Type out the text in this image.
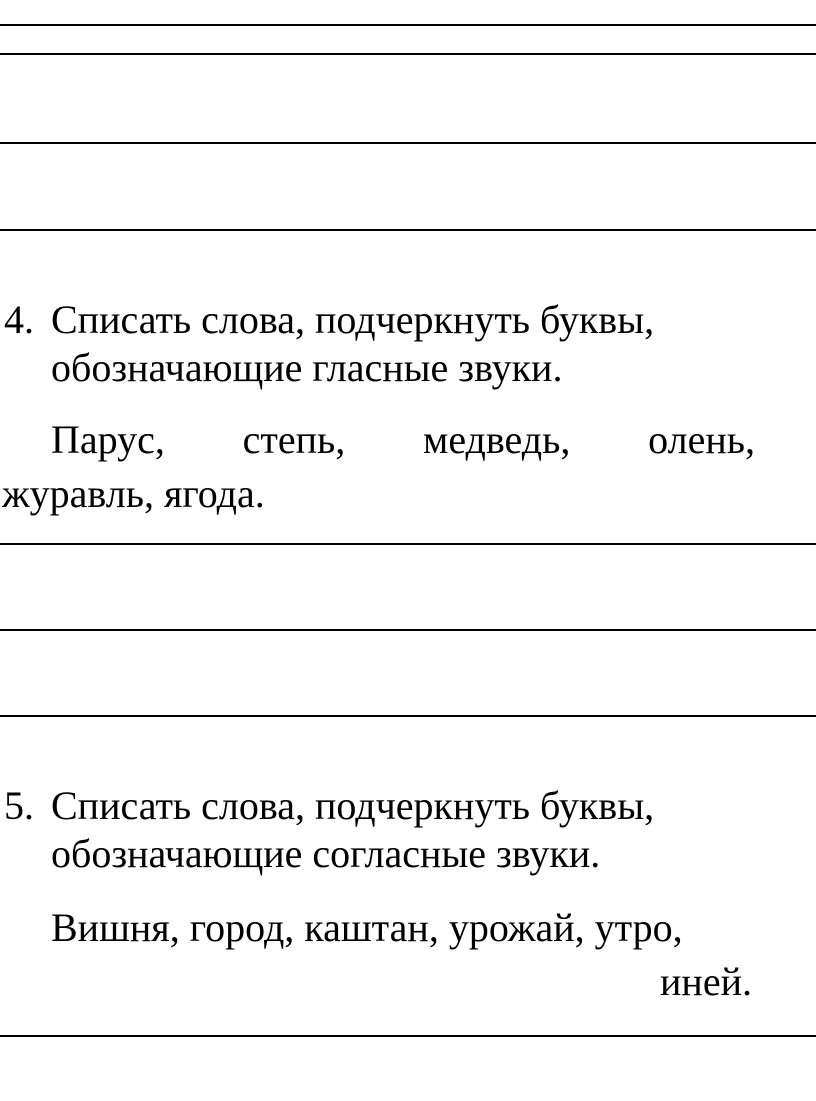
4. Списать слова, подчеркнуть буквы,
обозначающие гласные звуки.
Парус, степь, медведь, олень,
журавль, ягода.
5. Списать слова, подчеркнуть буквы,
обозначающие согласные звуки.
Вишня, город, каштан, урожай, утро,
иней.
